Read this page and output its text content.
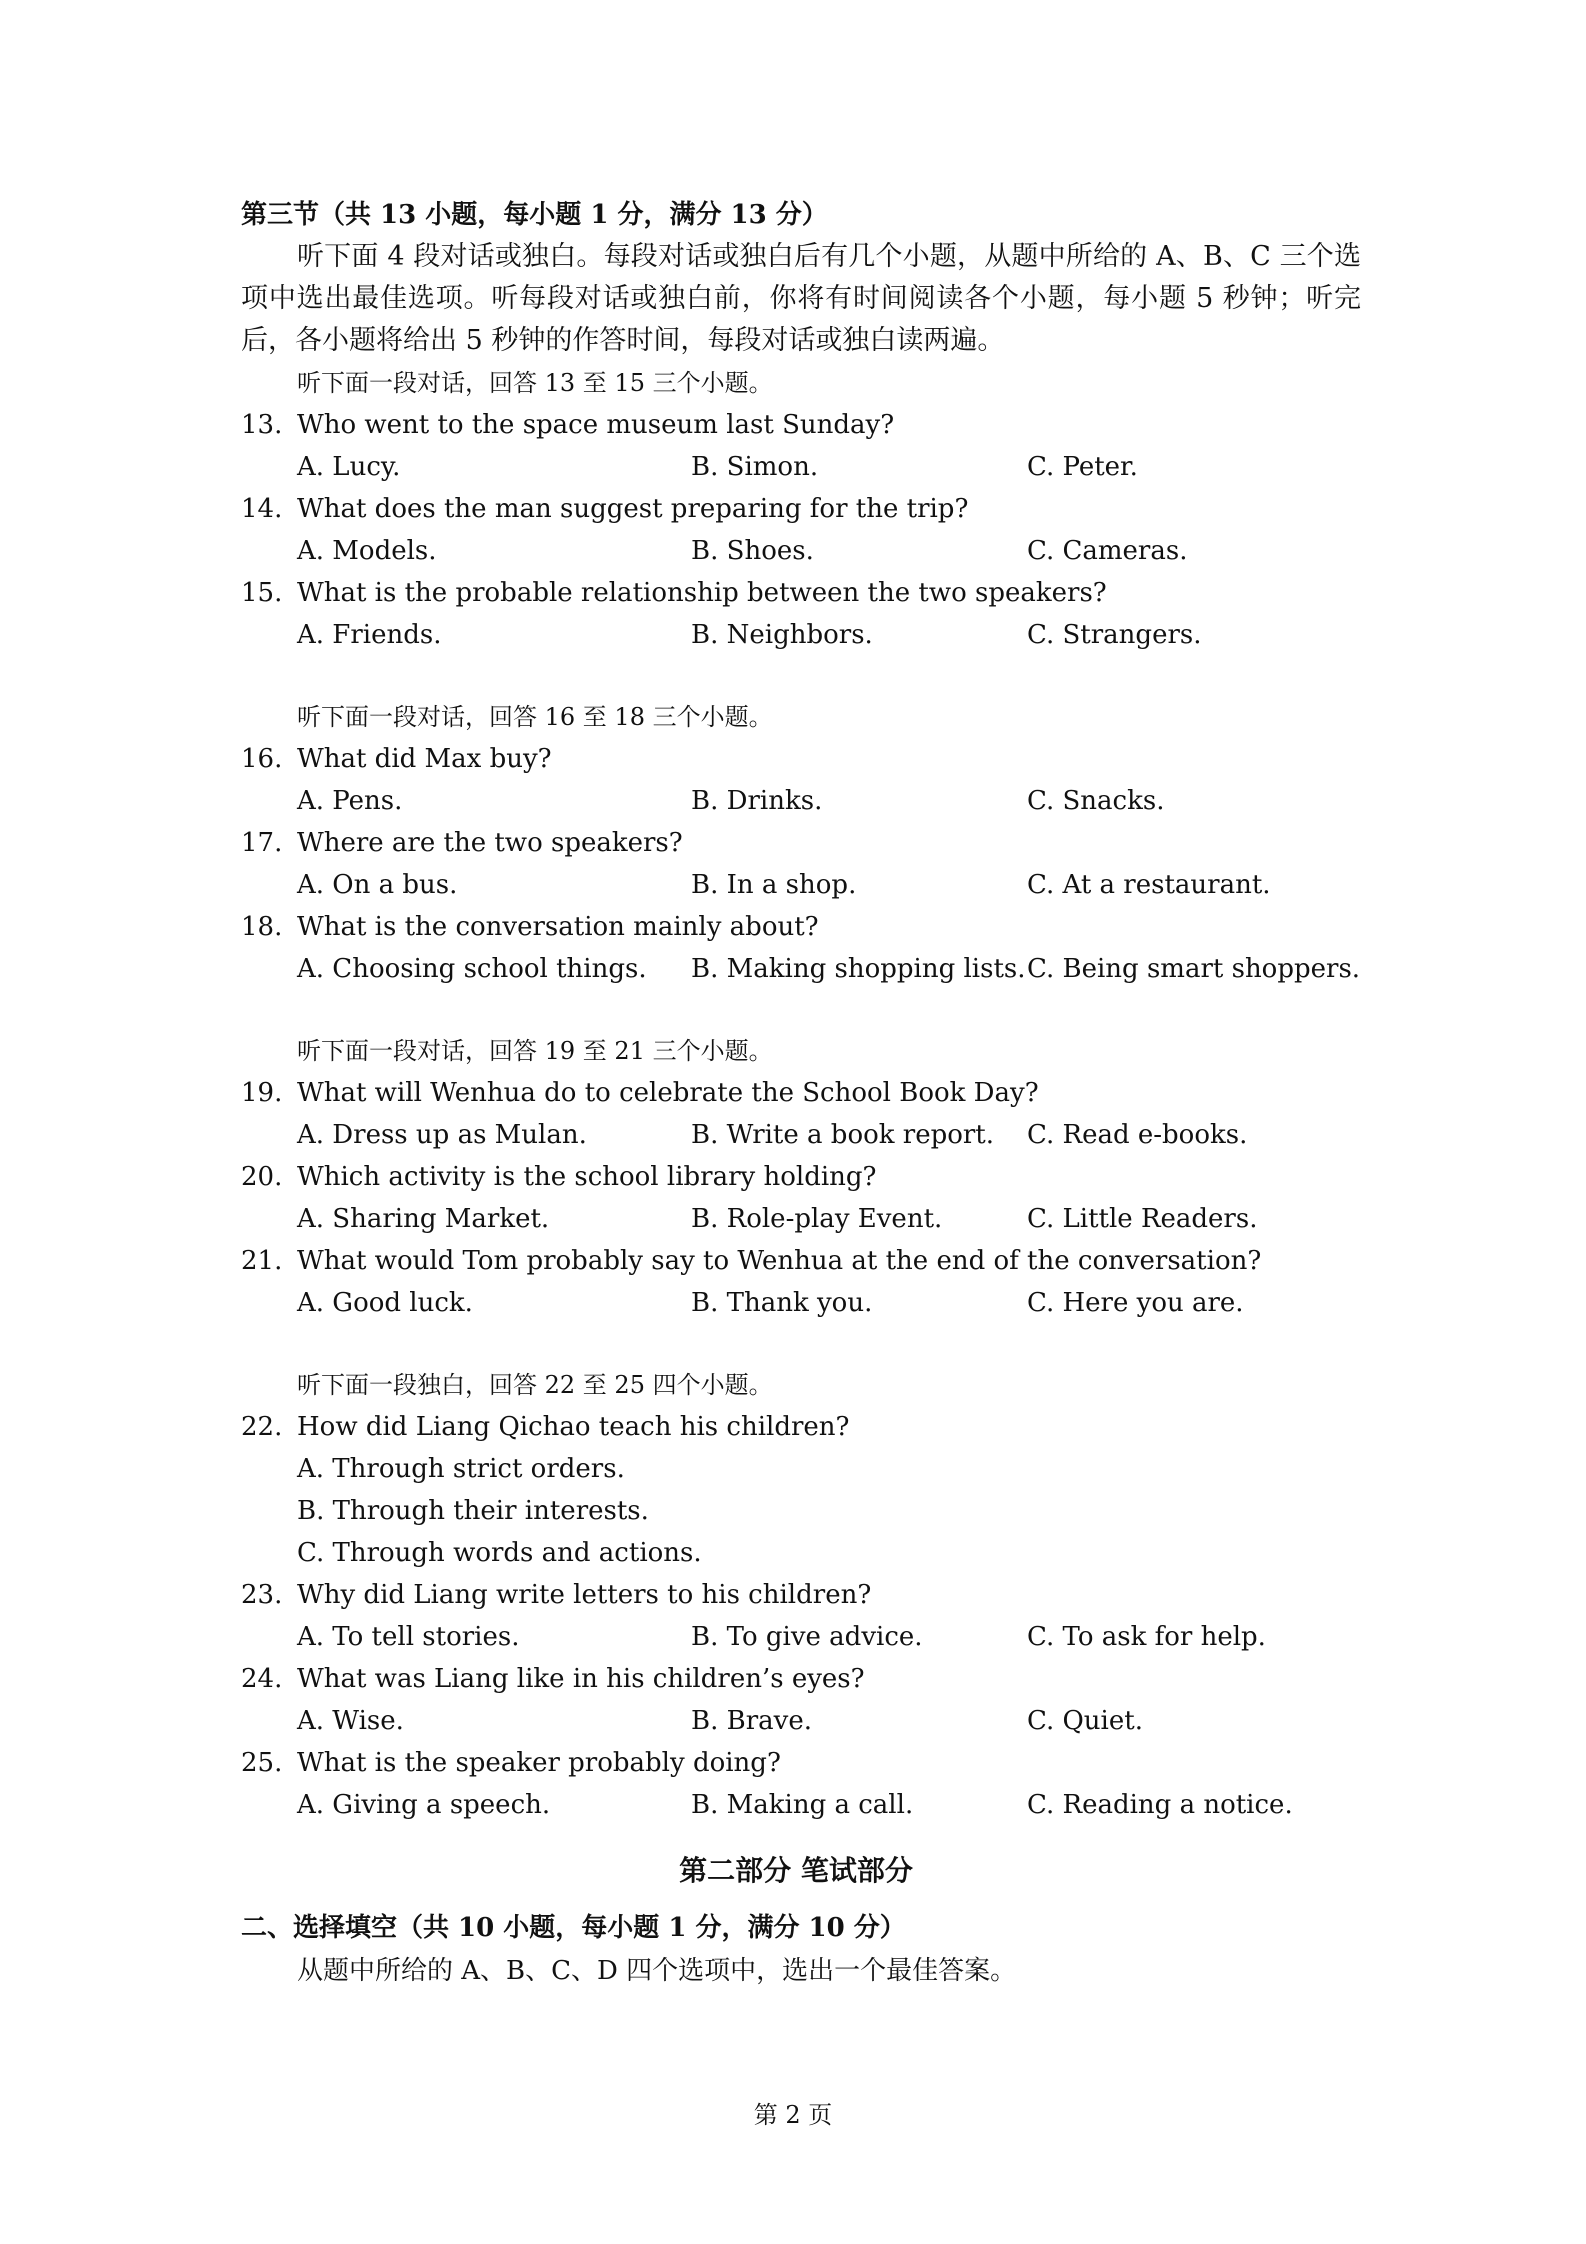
第三节（共 13 小题，每小题 1 分，满分 13 分）
听下面 4 段对话或独白。每段对话或独白后有几个小题，从题中所给的 A、B、C 三个选项中选出最佳选项。听每段对话或独白前，你将有时间阅读各个小题，每小题 5 秒钟；听完后，各小题将给出 5 秒钟的作答时间，每段对话或独白读两遍。
听下面一段对话，回答 13 至 15 三个小题。
13. Who went to the space museum last Sunday?
A. Lucy.	B. Simon.	C. Peter.
14. What does the man suggest preparing for the trip?
A. Models.	B. Shoes.	C. Cameras.
15. What is the probable relationship between the two speakers?
A. Friends.	B. Neighbors.	C. Strangers.
听下面一段对话，回答 16 至 18 三个小题。
16. What did Max buy?
A. Pens.	B. Drinks.	C. Snacks.
17. Where are the two speakers?
A. On a bus.	B. In a shop.	C. At a restaurant.
18. What is the conversation mainly about?
A. Choosing school things. B. Making shopping lists. C. Being smart shoppers.
听下面一段对话，回答 19 至 21 三个小题。
19. What will Wenhua do to celebrate the School Book Day?
A. Dress up as Mulan.	B. Write a book report. C. Read e-books.
20. Which activity is the school library holding?
A. Sharing Market.	B. Role-play Event.	C. Little Readers.
21. What would Tom probably say to Wenhua at the end of the conversation?
A. Good luck.	B. Thank you.	C. Here you are.
听下面一段独白，回答 22 至 25 四个小题。
22. How did Liang Qichao teach his children?
A. Through strict orders.
B. Through their interests.
C. Through words and actions.
23. Why did Liang write letters to his children?
A. To tell stories.	B. To give advice.	C. To ask for help.
24. What was Liang like in his children’s eyes?
A. Wise.	B. Brave.	C. Quiet.
25. What is the speaker probably doing?
A. Giving a speech.	B. Making a call.	C. Reading a notice.
第二部分 笔试部分
二、选择填空（共 10 小题，每小题 1 分，满分 10 分）
从题中所给的 A、B、C、D 四个选项中，选出一个最佳答案。
第 2 页
